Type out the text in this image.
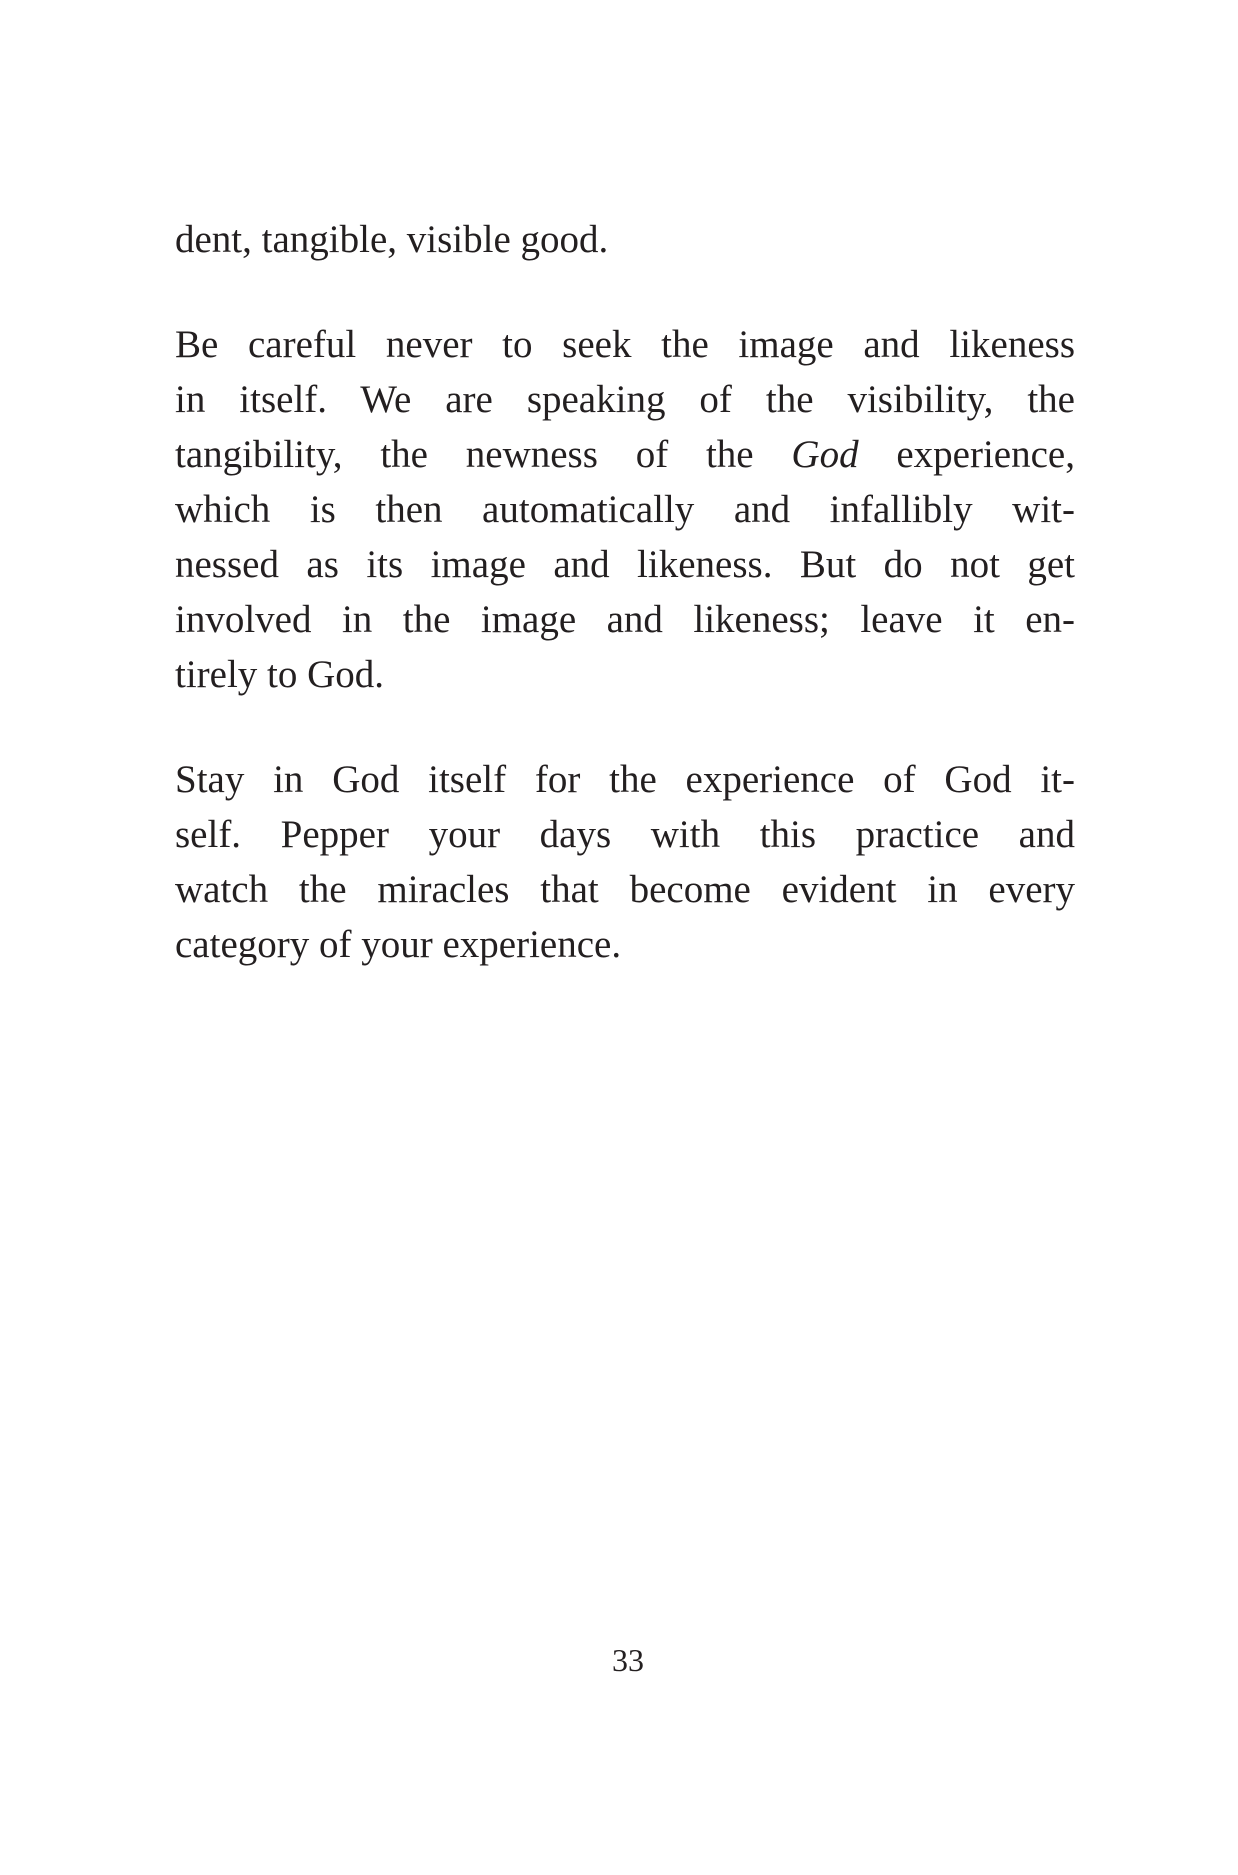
dent, tangible, visible good.
Be careful never to seek the image and likeness
in itself. We are speaking of the visibility, the
tangibility, the newness of the God experience,
which is then automatically and infallibly wit-
nessed as its image and likeness. But do not get
involved in the image and likeness; leave it en-
tirely to God.
Stay in God itself for the experience of God it-
self. Pepper your days with this practice and
watch the miracles that become evident in every
category of your experience.
33
